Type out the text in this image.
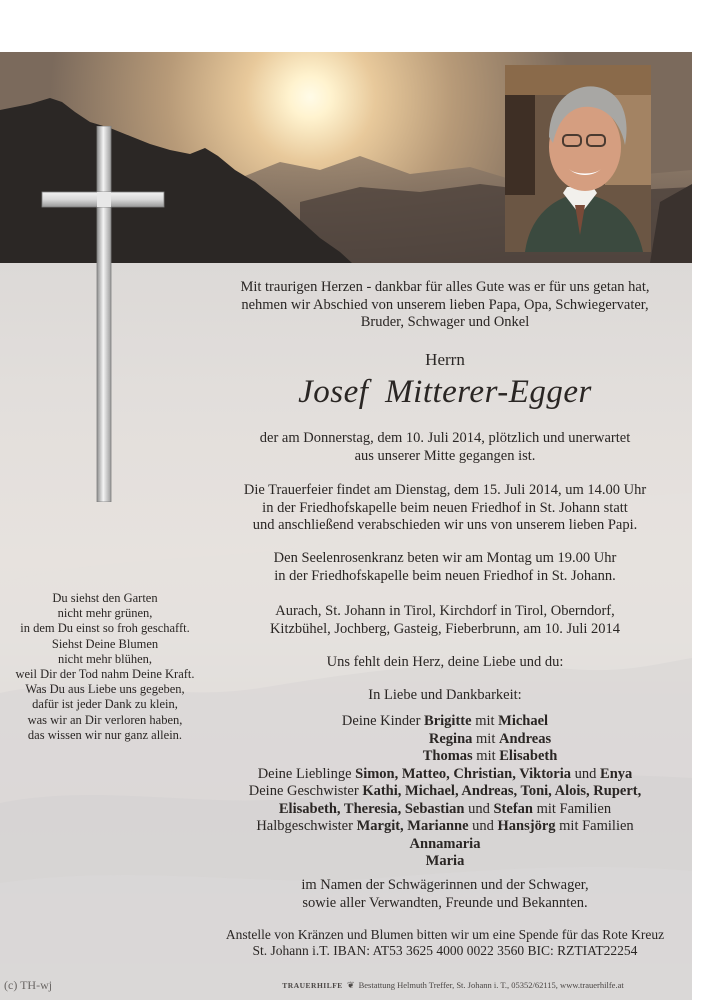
Mit traurigen Herzen - dankbar für alles Gute was er für uns getan hat,

nehmen wir Abschied von unserem lieben Papa, Opa, Schwiegervater,

Bruder, Schwager und Onkel

Herrn
Josef Mitterer-Egger

der am Donnerstag, dem 10. Juli 2014, plötzlich und unerwartet

aus unserer Mitte gegangen ist.

Die Trauerfeier findet am Dienstag, dem 15. Juli 2014, um 14.00 Uhr

in der Friedhofskapelle beim neuen Friedhof in St. Johann statt

und anschließend verabschieden wir uns von unserem lieben Papi.

Den Seelenrosenkranz beten wir am Montag um 19.00 Uhr

in der Friedhofskapelle beim neuen Friedhof in St. Johann.

Aurach, St. Johann in Tirol, Kirchdorf in Tirol, Oberndorf,

Kitzbühel, Jochberg, Gasteig, Fieberbrunn, am 10. Juli 2014

Uns fehlt dein Herz, deine Liebe und du:
In Liebe und Dankbarkeit:

Deine Kinder Brigitte mit Michael

Regina mit Andreas

Thomas mit Elisabeth

Deine Lieblinge Simon, Matteo, Christian, Viktoria und Enya

Deine Geschwister Kathi, Michael, Andreas, Toni, Alois, Rupert,

Elisabeth, Theresia, Sebastian und Stefan mit Familien

Halbgeschwister Margit, Marianne und Hansjörg mit Familien

Annamaria

Maria

im Namen der Schwägerinnen und der Schwager,

sowie aller Verwandten, Freunde und Bekannten.

Anstelle von Kränzen und Blumen bitten wir um eine Spende für das Rote Kreuz

St. Johann i.T. IBAN: AT53 3625 4000 0022 3560 BIC: RZTIAT22254

Du siehst den Garten
nicht mehr grünen,
in dem Du einst so froh geschafft.
Siehst Deine Blumen
nicht mehr blühen,
weil Dir der Tod nahm Deine Kraft.
Was Du aus Liebe uns gegeben,
dafür ist jeder Dank zu klein,
was wir an Dir verloren haben,
das wissen wir nur ganz allein.
(c) TH-wj	TRAUERHILFE ❦ Bestattung Helmuth Treffer, St. Johann i. T., 05352/62115, www.trauerhilfe.at
